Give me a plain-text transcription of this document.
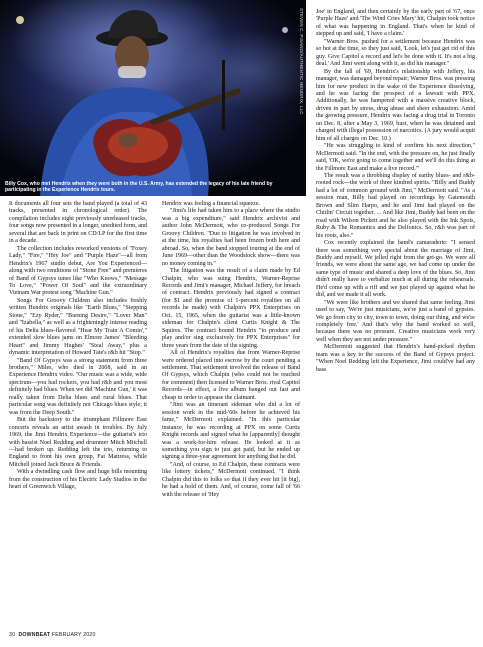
STEVEN C. PISANO/AUTHENTIC HENDRIX, LLC
Billy Cox, who met Hendrix when they were both in the U.S. Army, has extended the legacy of his late friend by participating in the Experience Hendrix tours.

It documents all four sets the band played (a total of 43 tracks, presented in chronological order). The compilation includes eight previously unreleased tracks, four songs now presented in a longer, unedited form, and several that are back in print on CD/LP for the first time in a decade.

The collection includes reworked versions of "Foxey Lady," "Fire," "Hey Joe" and "Purple Haze"—all from Hendrix's 1967 studio debut, Are You Experienced—along with two renditions of "Stone Free" and premieres of Band of Gypsys tunes like "Who Knows," "Message To Love," "Power Of Soul" and the extraordinary Vietnam War protest song "Machine Gun."

Songs For Groovy Children also includes freshly written Hendrix originals like "Earth Blues," "Stepping Stone," "Ezy Ryder," "Burning Desire," "Lover Man" and "Izabella," as well as a frighteningly intense reading of his Delta blues-flavored "Hear My Train A Comin'," extended slow blues jams on Elmore James' "Bleeding Heart" and Jimmy Hughes' "Steal Away," plus a dynamic interpretation of Howard Tate's r&b hit "Stop."

"Band Of Gypsys was a strong statement from three brothers," Miles, who died in 2008, said in an Experience Hendrix video. "Our music was a wide, wide spectrum—you had rockers, you had r&b and you most definitely had blues. When we did 'Machine Gun,' it was really taken from Delta blues and rural blues. That particular song was definitely not Chicago blues style; it was from the Deep South."

But the backstory to the triumphant Fillmore East concerts reveals an artist awash in troubles. By July 1969, the Jimi Hendrix Experience—the guitarist's trio with bassist Noel Redding and drummer Mitch Mitchell—had broken up. Redding left the trio, returning to England to front his own group, Fat Mattress, while Mitchell joined Jack Bruce & Friends.

With a dwindling cash flow and huge bills mounting from the construction of his Electric Lady Studios in the heart of Greenwich Village,

Hendrix was feeling a financial squeeze.

"Jimi's life had taken him to a place where the studio was a big expenditure," said Hendrix archivist and author John McDermott, who co-produced Songs For Groovy Children. "Due to litigation he was involved in at the time, his royalties had been frozen both here and abroad. So, when the band stopped touring at the end of June 1969—other than the Woodstock show—there was no money coming in."

The litigation was the result of a claim made by Ed Chalpin, who was suing Hendrix, Warner-Reprise Records and Jimi's manager, Michael Jeffery, for breach of contract. Hendrix previously had signed a contract (for $1 and the promise of 1-percent royalties on all records he made) with Chalpin's PPX Enterprises on Oct. 15, 1965, when the guitarist was a little-known sideman for Chalpin's client Curtis Knight & The Squires. The contract bound Hendrix "to produce and play and/or sing exclusively for PPX Enterprises" for three years from the date of the signing.

All of Hendrix's royalties due from Warner-Reprise were ordered placed into escrow by the court pending a settlement. That settlement involved the release of Band Of Gypsys, which Chalpin (who could not be reached for comment) then licensed to Warner Bros. rival Capitol Records—in effect, a live album banged out fast and cheap in order to appease the claimant.

"Jimi was an itinerant sideman who did a lot of session work in the mid-'60s before he achieved his fame," McDermott explained. "In this particular instance, he was recording at PPX on some Curtis Knight records and signed what he [apparently] thought was a work-for-hire release. He looked at it as something you sign to just get paid, but he ended up signing a three-year agreement for anything that he did.

"And, of course, to Ed Chalpin, these contracts were like lottery tickets," McDermott continued. "I think Chalpin did this to folks so that if they ever hit [it big], he had a hold of them. And, of course, come fall of '66 with the release of 'Hey

Joe' in England, and then certainly by the early part of '67, once 'Purple Haze' and 'The Wind Cries Mary' hit, Chalpin took notice of what was happening in England. That's when he kind of stepped up and said, 'I have a claim.'

"Warner Bros. pushed for a settlement because Hendrix was so hot at the time, so they just said, 'Look, let's just get rid of this guy. Give Capitol a record and let's be done with it. It's not a big deal.' And Jimi went along with it, as did his manager."

By the fall of '69, Hendrix's relationship with Jeffery, his manager, was damaged beyond repair; Warner Bros. was pressing him for new product in the wake of the Experience dissolving, and he was facing the prospect of a lawsuit with PPX. Additionally, he was hampered with a massive creative block, driven in part by stress, drug abuse and sheer exhaustion. Amid the growing pressure, Hendrix was facing a drug trial in Toronto on Dec. 8, after a May 3, 1969, bust, when he was detained and charged with illegal possession of narcotics. (A jury would acquit him of all charges on Dec. 10.)

"He was struggling to kind of confirm his next direction," McDermott said. "In the end, with the pressure on, he just finally said, 'OK, we're going to come together and we'll do this thing at the Fillmore East and make a live record.'"

The result was a throbbing display of earthy blues- and r&b-rooted rock—the work of three kindred spirits. "Billy and Buddy had a lot of common ground with Jimi," McDermott said. "As a session man, Billy had played on recordings by Gatemouth Brown and Slim Harpo, and he and Jimi had played on the Chitlin' Circuit together. ... And like Jimi, Buddy had been on the road with Wilson Pickett and he also played with the Ink Spots, Ruby & The Romantics and the Delfonics. So, r&b was part of his roots, also."

Cox recently explained the band's camaraderie: "I sensed there was something very special about the marriage of Jimi, Buddy and myself. We jelled right from the get-go. We were all friends, we were about the same age, we had come up under the same type of music and shared a deep love of the blues. So, Jimi didn't really have to verbalize much at all during the rehearsals. He'd come up with a riff and we just played up against what he did, and we made it all work.

"We were like brothers and we shared that same feeling. Jimi used to say, 'We're just musicians, we're just a band of gypsies. We go from city to city, town to town, doing our thing, and we're completely free.' And that's why the band worked so well, because there was no pressure. Creative musicians work very well when they are not under pressure."

McDermott suggested that Hendrix's hand-picked rhythm team was a key to the success of the Band of Gypsys project. "When Noel Redding left the Experience, Jimi could've had any bass

30 DOWNBEAT FEBRUARY 2020
